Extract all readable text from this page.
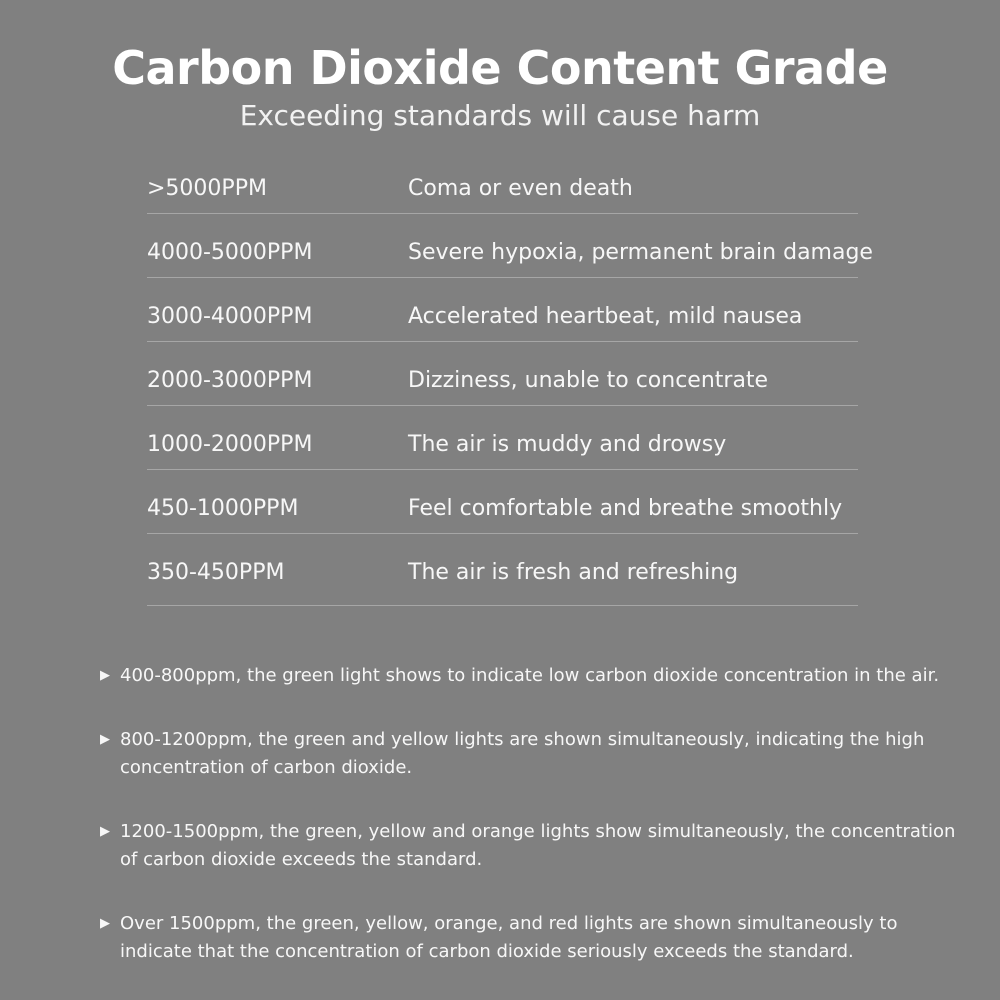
Carbon Dioxide Content Grade
Exceeding standards will cause harm
>5000PPM	Coma or even death
4000-5000PPM	Severe hypoxia, permanent brain damage
3000-4000PPM	Accelerated heartbeat, mild nausea
2000-3000PPM	Dizziness, unable to concentrate
1000-2000PPM	The air is muddy and drowsy
450-1000PPM	Feel comfortable and breathe smoothly
350-450PPM	The air is fresh and refreshing
▶ 400-800ppm, the green light shows to indicate low carbon dioxide concentration in the air.
▶ 800-1200ppm, the green and yellow lights are shown simultaneously, indicating the high concentration of carbon dioxide.
▶ 1200-1500ppm, the green, yellow and orange lights show simultaneously, the concentration of carbon dioxide exceeds the standard.
▶ Over 1500ppm, the green, yellow, orange, and red lights are shown simultaneously to indicate that the concentration of carbon dioxide seriously exceeds the standard.
